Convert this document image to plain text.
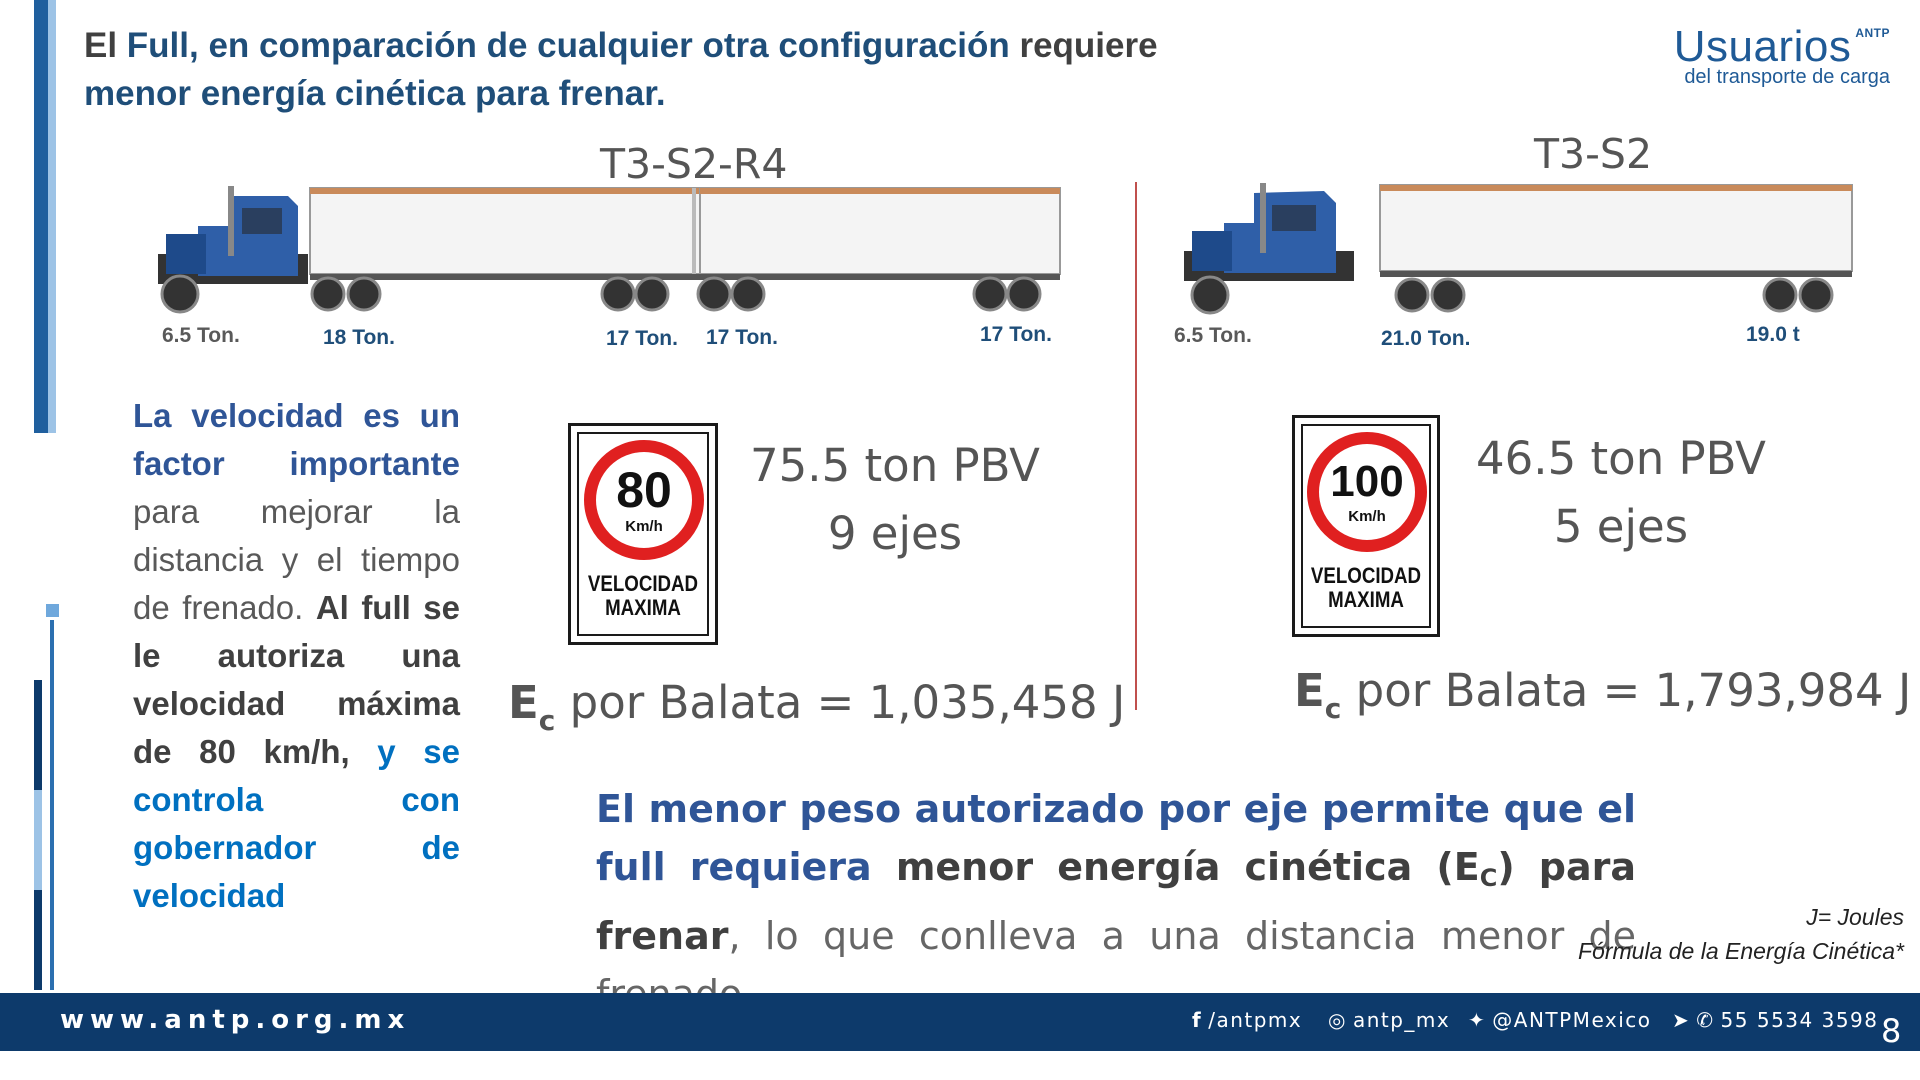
El Full, en comparación de cualquier otra configuración requiere
menor energía cinética para frenar.
Usuarios $^{ANTP}$
del transporte de carga
T3-S2-R4
6.5 Ton.	18 Ton.	17 Ton. 17 Ton.	17 Ton.
T3-S2
6.5 Ton.	21.0 Ton.	19.0 t
La velocidad es un factor importante para mejorar la distancia y el tiempo de frenado. Al full se le autoriza una velocidad máxima de 80 km/h, y se controla con gobernador de velocidad
80
Km/h
VELOCIDAD
MAXIMA
75.5 ton PBV
9 ejes
$E_c$ por Balata = 1,035,458 J
100
Km/h
VELOCIDAD
MAXIMA
46.5 ton PBV
5 ejes
$E_c$ por Balata = 1,793,984 J
El menor peso autorizado por eje permite que el full requiera menor energía cinética $(E_C)$ para frenar, lo que conlleva a una distancia menor de	J= Joules
Fórmula de la Energía Cinética*
www.antp.org.mx	f /antpmx ◎ antp_mx ✦ @ANTPMexico ➤ ✆ 55 5534 3598 8
